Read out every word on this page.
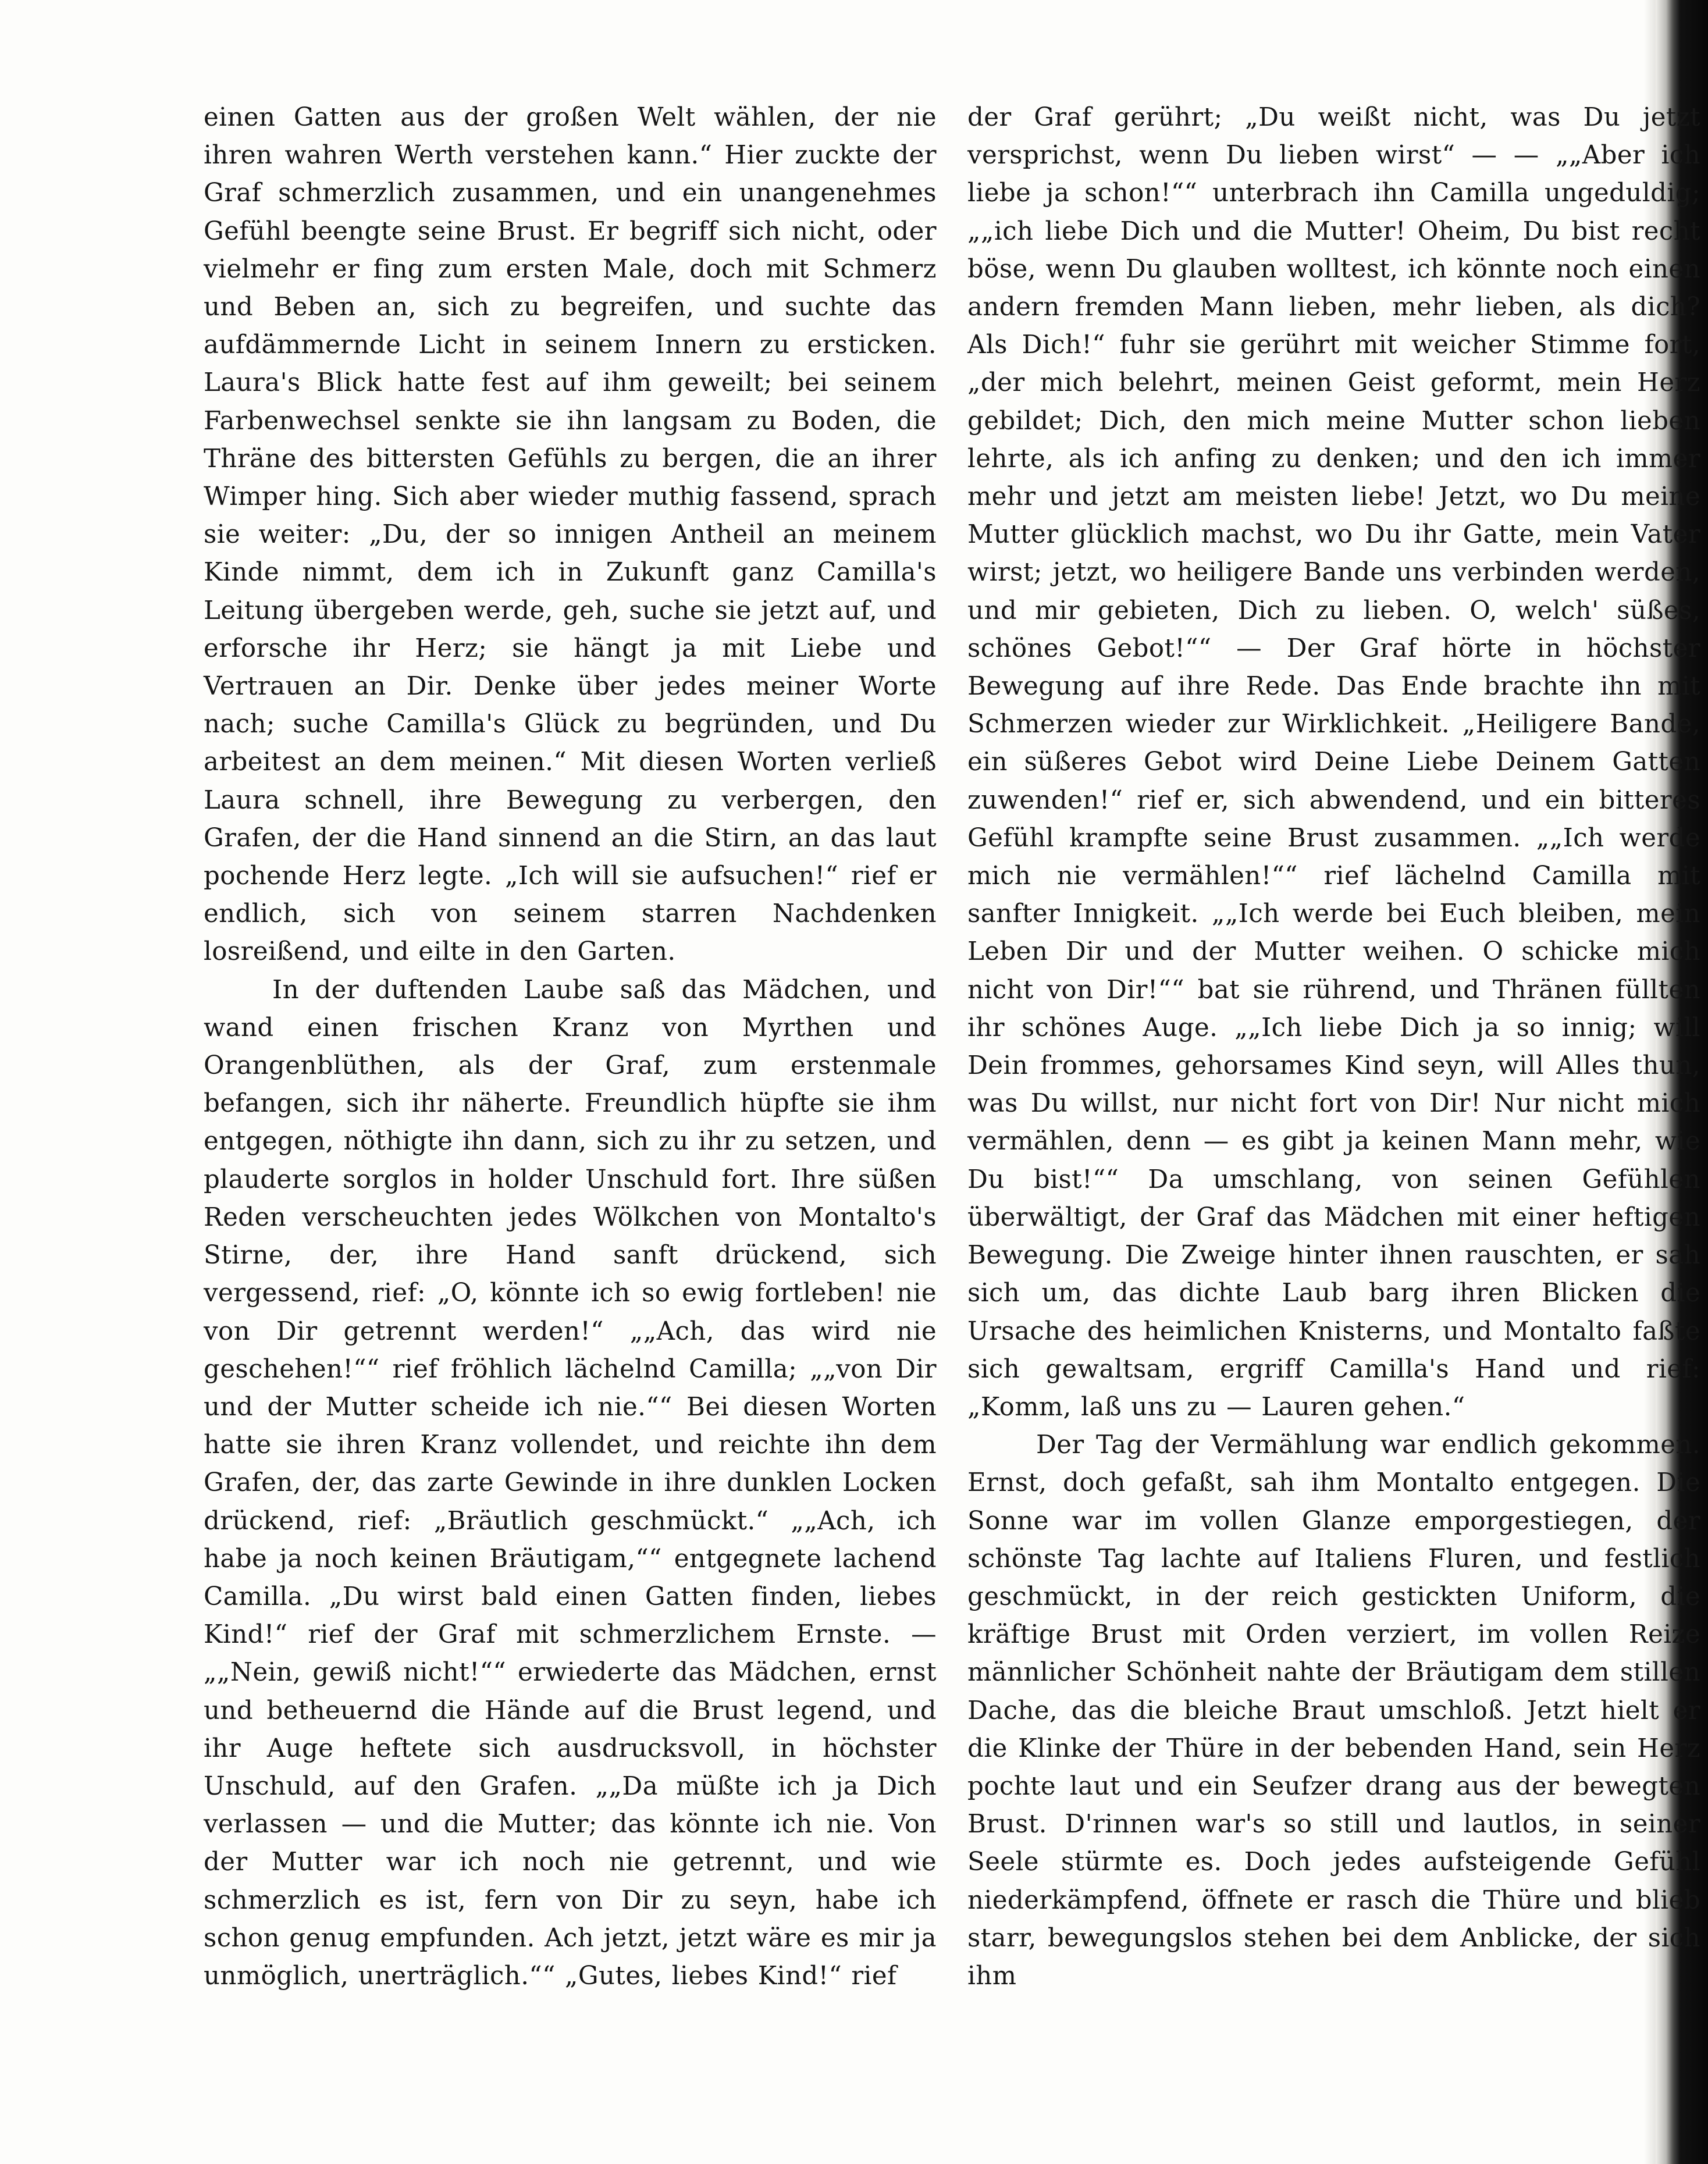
einen Gatten aus der großen Welt wählen, der nie ihren wahren Werth verstehen kann.“ Hier zuckte der Graf schmerzlich zusammen, und ein unangenehmes Gefühl beengte seine Brust. Er begriff sich nicht, oder vielmehr er fing zum ersten Male, doch mit Schmerz und Beben an, sich zu begreifen, und suchte das aufdämmernde Licht in seinem Innern zu ersticken. Laura's Blick hatte fest auf ihm geweilt; bei seinem Farbenwechsel senkte sie ihn langsam zu Boden, die Thräne des bittersten Gefühls zu bergen, die an ihrer Wimper hing. Sich aber wieder muthig fassend, sprach sie weiter: „Du, der so innigen Antheil an meinem Kinde nimmt, dem ich in Zukunft ganz Camilla's Leitung übergeben werde, geh, suche sie jetzt auf, und erforsche ihr Herz; sie hängt ja mit Liebe und Vertrauen an Dir. Denke über jedes meiner Worte nach; suche Camilla's Glück zu begründen, und Du arbeitest an dem meinen.“ Mit diesen Worten verließ Laura schnell, ihre Bewegung zu verbergen, den Grafen, der die Hand sinnend an die Stirn, an das laut pochende Herz legte. „Ich will sie aufsuchen!“ rief er endlich, sich von seinem starren Nachdenken losreißend, und eilte in den Garten.

In der duftenden Laube saß das Mädchen, und wand einen frischen Kranz von Myrthen und Orangenblüthen, als der Graf, zum erstenmale befangen, sich ihr näherte. Freundlich hüpfte sie ihm entgegen, nöthigte ihn dann, sich zu ihr zu setzen, und plauderte sorglos in holder Unschuld fort. Ihre süßen Reden verscheuchten jedes Wölkchen von Montalto's Stirne, der, ihre Hand sanft drückend, sich vergessend, rief: „O, könnte ich so ewig fortleben! nie von Dir getrennt werden!“ „„Ach, das wird nie geschehen!““ rief fröhlich lächelnd Camilla; „„von Dir und der Mutter scheide ich nie.““ Bei diesen Worten hatte sie ihren Kranz vollendet, und reichte ihn dem Grafen, der, das zarte Gewinde in ihre dunklen Locken drückend, rief: „Bräutlich geschmückt.“ „„Ach, ich habe ja noch keinen Bräutigam,““ entgegnete lachend Camilla. „Du wirst bald einen Gatten finden, liebes Kind!“ rief der Graf mit schmerzlichem Ernste. — „„Nein, gewiß nicht!““ erwiederte das Mädchen, ernst und betheuernd die Hände auf die Brust legend, und ihr Auge heftete sich ausdrucksvoll, in höchster Unschuld, auf den Grafen. „„Da müßte ich ja Dich verlassen — und die Mutter; das könnte ich nie. Von der Mutter war ich noch nie getrennt, und wie schmerzlich es ist, fern von Dir zu seyn, habe ich schon genug empfunden. Ach jetzt, jetzt wäre es mir ja unmöglich, unerträglich.““ „Gutes, liebes Kind!“ rief

der Graf gerührt; „Du weißt nicht, was Du jetzt versprichst, wenn Du lieben wirst“ — — „„Aber ich liebe ja schon!““ unterbrach ihn Camilla ungeduldig; „„ich liebe Dich und die Mutter! Oheim, Du bist recht böse, wenn Du glauben wolltest, ich könnte noch einen andern fremden Mann lieben, mehr lieben, als dich? Als Dich!“ fuhr sie gerührt mit weicher Stimme fort, „der mich belehrt, meinen Geist geformt, mein Herz gebildet; Dich, den mich meine Mutter schon lieben lehrte, als ich anfing zu denken; und den ich immer mehr und jetzt am meisten liebe! Jetzt, wo Du meine Mutter glücklich machst, wo Du ihr Gatte, mein Vater wirst; jetzt, wo heiligere Bande uns verbinden werden, und mir gebieten, Dich zu lieben. O, welch' süßes, schönes Gebot!““ — Der Graf hörte in höchster Bewegung auf ihre Rede. Das Ende brachte ihn mit Schmerzen wieder zur Wirklichkeit. „Heiligere Bande, ein süßeres Gebot wird Deine Liebe Deinem Gatten zuwenden!“ rief er, sich abwendend, und ein bitteres Gefühl krampfte seine Brust zusammen. „„Ich werde mich nie vermählen!““ rief lächelnd Camilla mit sanfter Innigkeit. „„Ich werde bei Euch bleiben, mein Leben Dir und der Mutter weihen. O schicke mich nicht von Dir!““ bat sie rührend, und Thränen füllten ihr schönes Auge. „„Ich liebe Dich ja so innig; will Dein frommes, gehorsames Kind seyn, will Alles thun, was Du willst, nur nicht fort von Dir! Nur nicht mich vermählen, denn — es gibt ja keinen Mann mehr, wie Du bist!““ Da umschlang, von seinen Gefühlen überwältigt, der Graf das Mädchen mit einer heftigen Bewegung. Die Zweige hinter ihnen rauschten, er sah sich um, das dichte Laub barg ihren Blicken die Ursache des heimlichen Knisterns, und Montalto faßte sich gewaltsam, ergriff Camilla's Hand und rief: „Komm, laß uns zu — Lauren gehen.“

Der Tag der Vermählung war endlich gekommen. Ernst, doch gefaßt, sah ihm Montalto entgegen. Die Sonne war im vollen Glanze emporgestiegen, der schönste Tag lachte auf Italiens Fluren, und festlich geschmückt, in der reich gestickten Uniform, die kräftige Brust mit Orden verziert, im vollen Reize männlicher Schönheit nahte der Bräutigam dem stillen Dache, das die bleiche Braut umschloß. Jetzt hielt er die Klinke der Thüre in der bebenden Hand, sein Herz pochte laut und ein Seufzer drang aus der bewegten Brust. D'rinnen war's so still und lautlos, in seiner Seele stürmte es. Doch jedes aufsteigende Gefühl niederkämpfend, öffnete er rasch die Thüre und blieb starr, bewegungslos stehen bei dem Anblicke, der sich ihm
